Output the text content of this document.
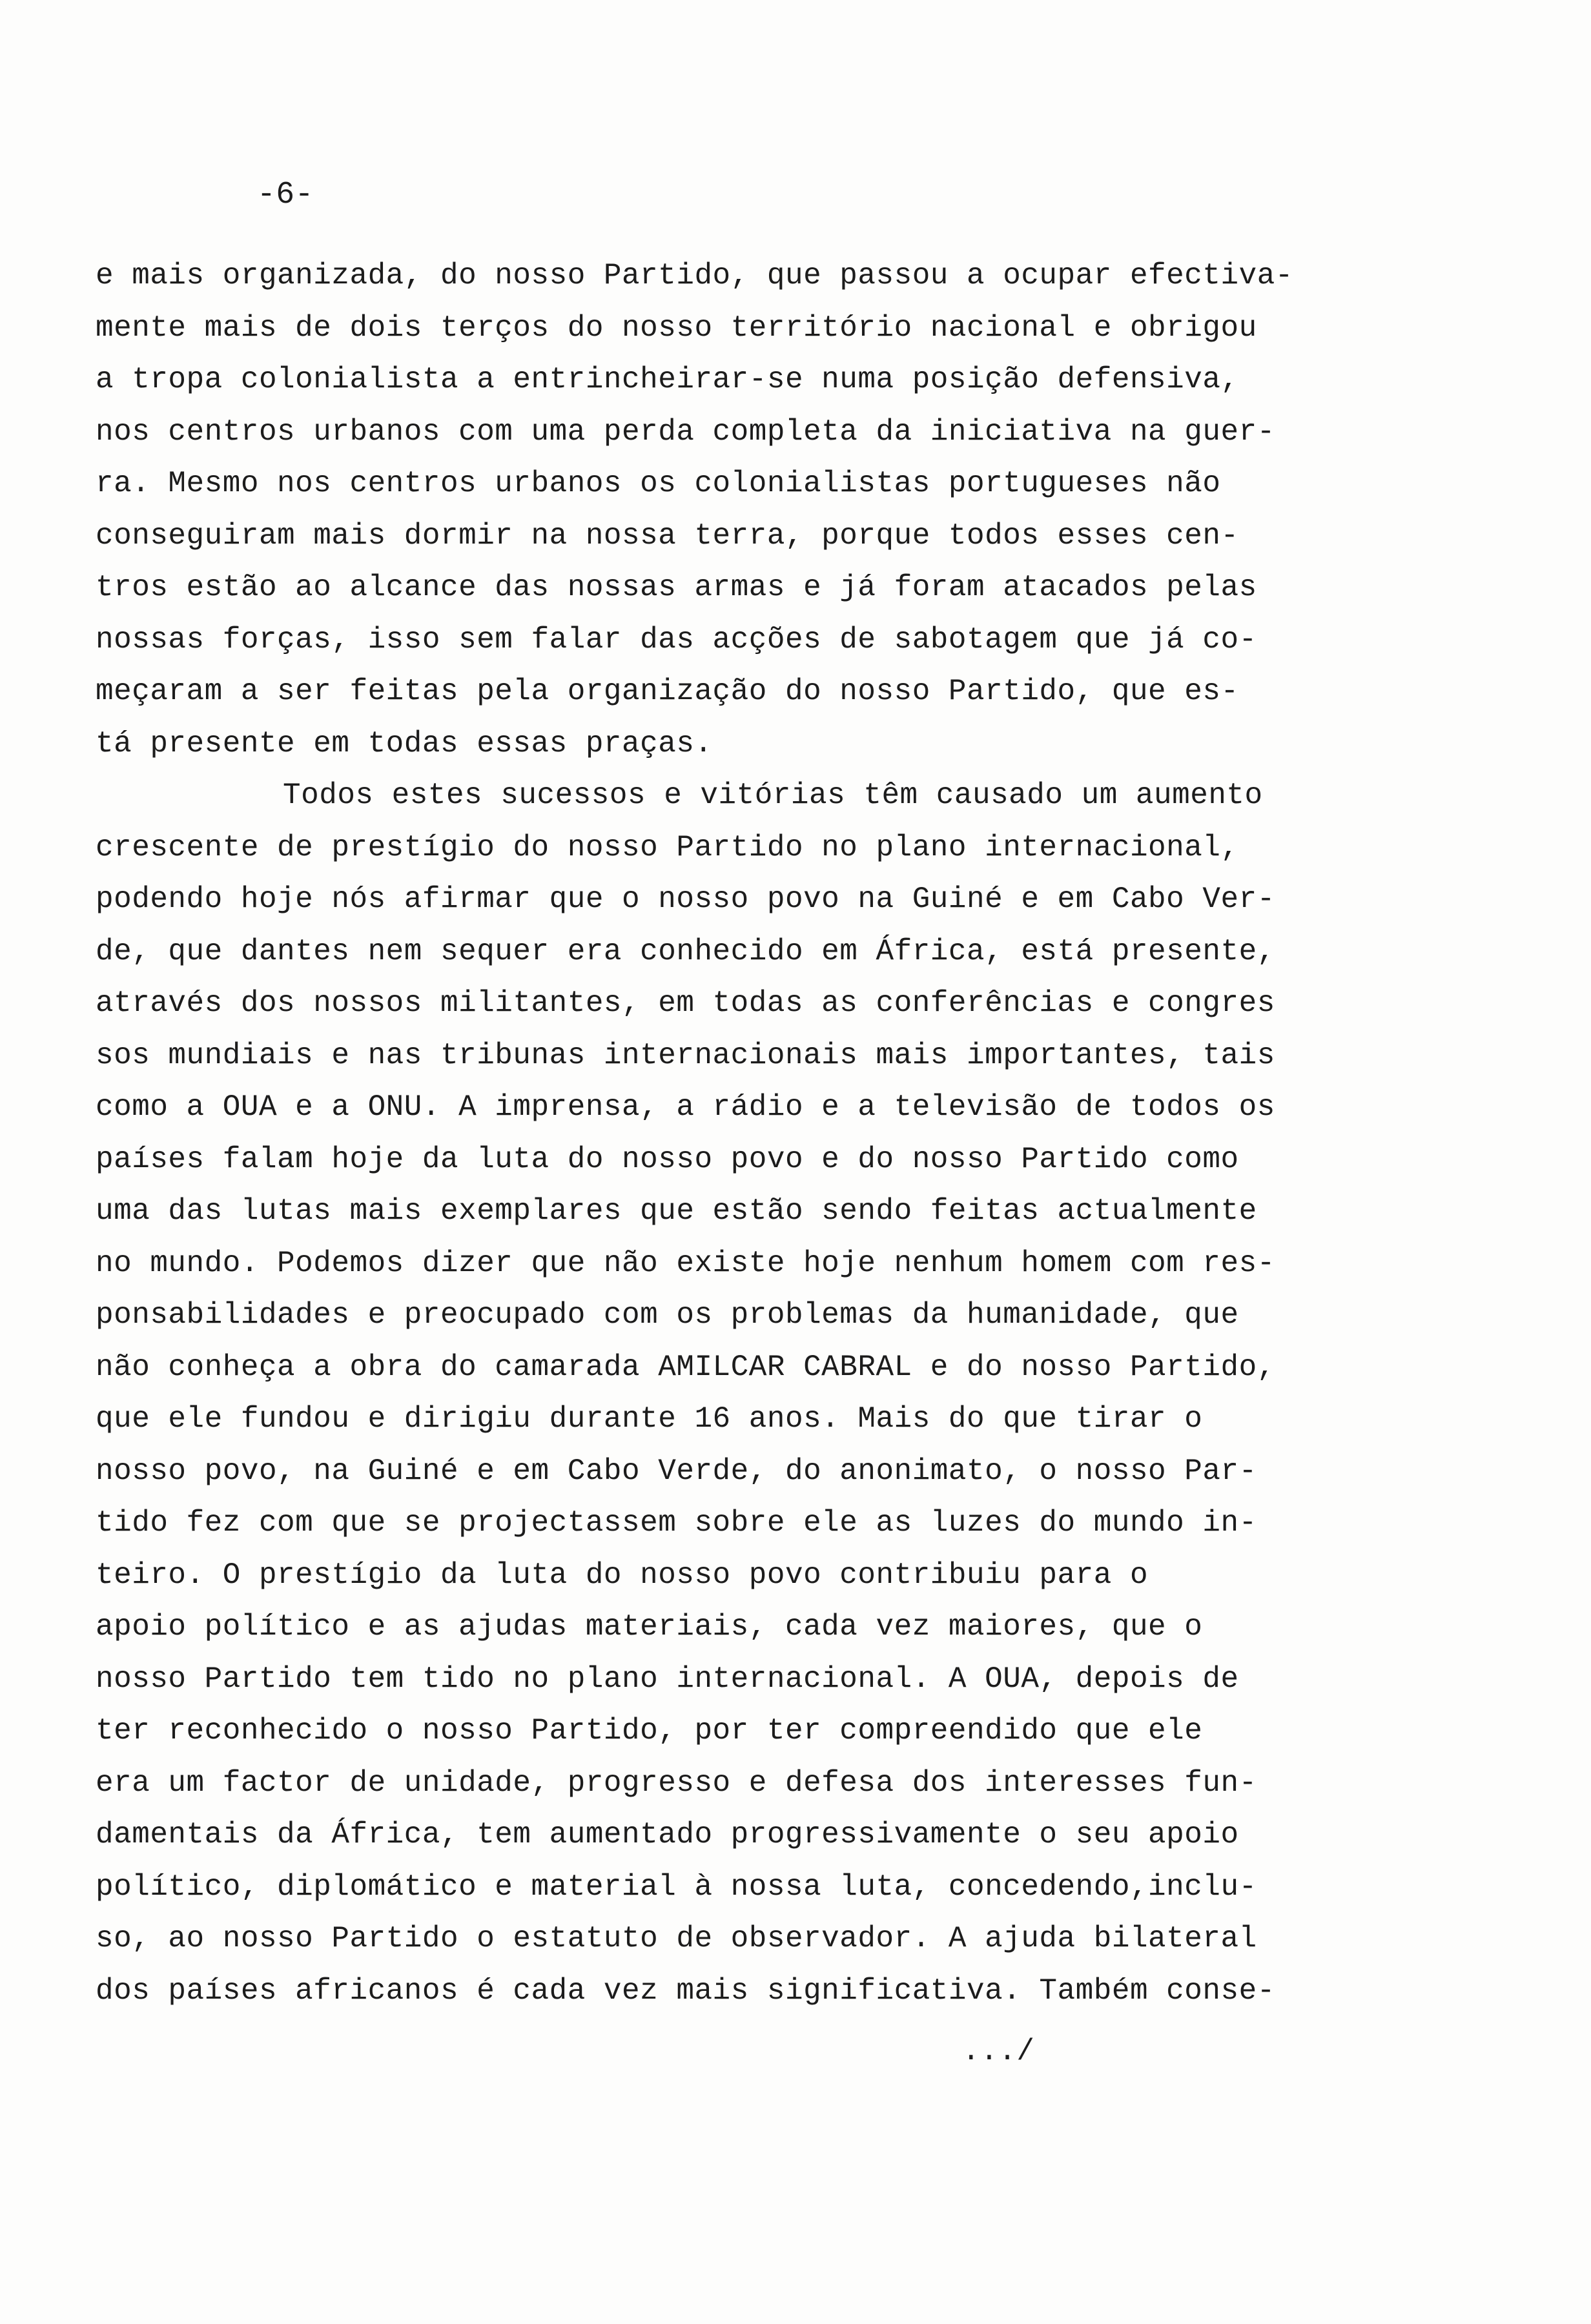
-6-
e mais organizada, do nosso Partido, que passou a ocupar efectiva-
mente mais de dois terços do nosso território nacional e obrigou
a tropa colonialista a entrincheirar-se numa posição defensiva,
nos centros urbanos com uma perda completa da iniciativa na guer-
ra. Mesmo nos centros urbanos os colonialistas portugueses não
conseguiram mais dormir na nossa terra, porque todos esses cen-
tros estão ao alcance das nossas armas e já foram atacados pelas
nossas forças, isso sem falar das acções de sabotagem que já co-
meçaram a ser feitas pela organização do nosso Partido, que es-
tá presente em todas essas praças.
Todos estes sucessos e vitórias têm causado um aumento
crescente de prestígio do nosso Partido no plano internacional,
podendo hoje nós afirmar que o nosso povo na Guiné e em Cabo Ver-
de, que dantes nem sequer era conhecido em África, está presente,
através dos nossos militantes, em todas as conferências e congres
sos mundiais e nas tribunas internacionais mais importantes, tais
como a OUA e a ONU. A imprensa, a rádio e a televisão de todos os
países falam hoje da luta do nosso povo e do nosso Partido como
uma das lutas mais exemplares que estão sendo feitas actualmente
no mundo. Podemos dizer que não existe hoje nenhum homem com res-
ponsabilidades e preocupado com os problemas da humanidade, que
não conheça a obra do camarada AMILCAR CABRAL e do nosso Partido,
que ele fundou e dirigiu durante 16 anos. Mais do que tirar o
nosso povo, na Guiné e em Cabo Verde, do anonimato, o nosso Par-
tido fez com que se projectassem sobre ele as luzes do mundo in-
teiro. O prestígio da luta do nosso povo contribuiu para o
apoio político e as ajudas materiais, cada vez maiores, que o
nosso Partido tem tido no plano internacional. A OUA, depois de
ter reconhecido o nosso Partido, por ter compreendido que ele
era um factor de unidade, progresso e defesa dos interesses fun-
damentais da África, tem aumentado progressivamente o seu apoio
político, diplomático e material à nossa luta, concedendo,inclu-
so, ao nosso Partido o estatuto de observador. A ajuda bilateral
dos países africanos é cada vez mais significativa. Também conse-
.../
